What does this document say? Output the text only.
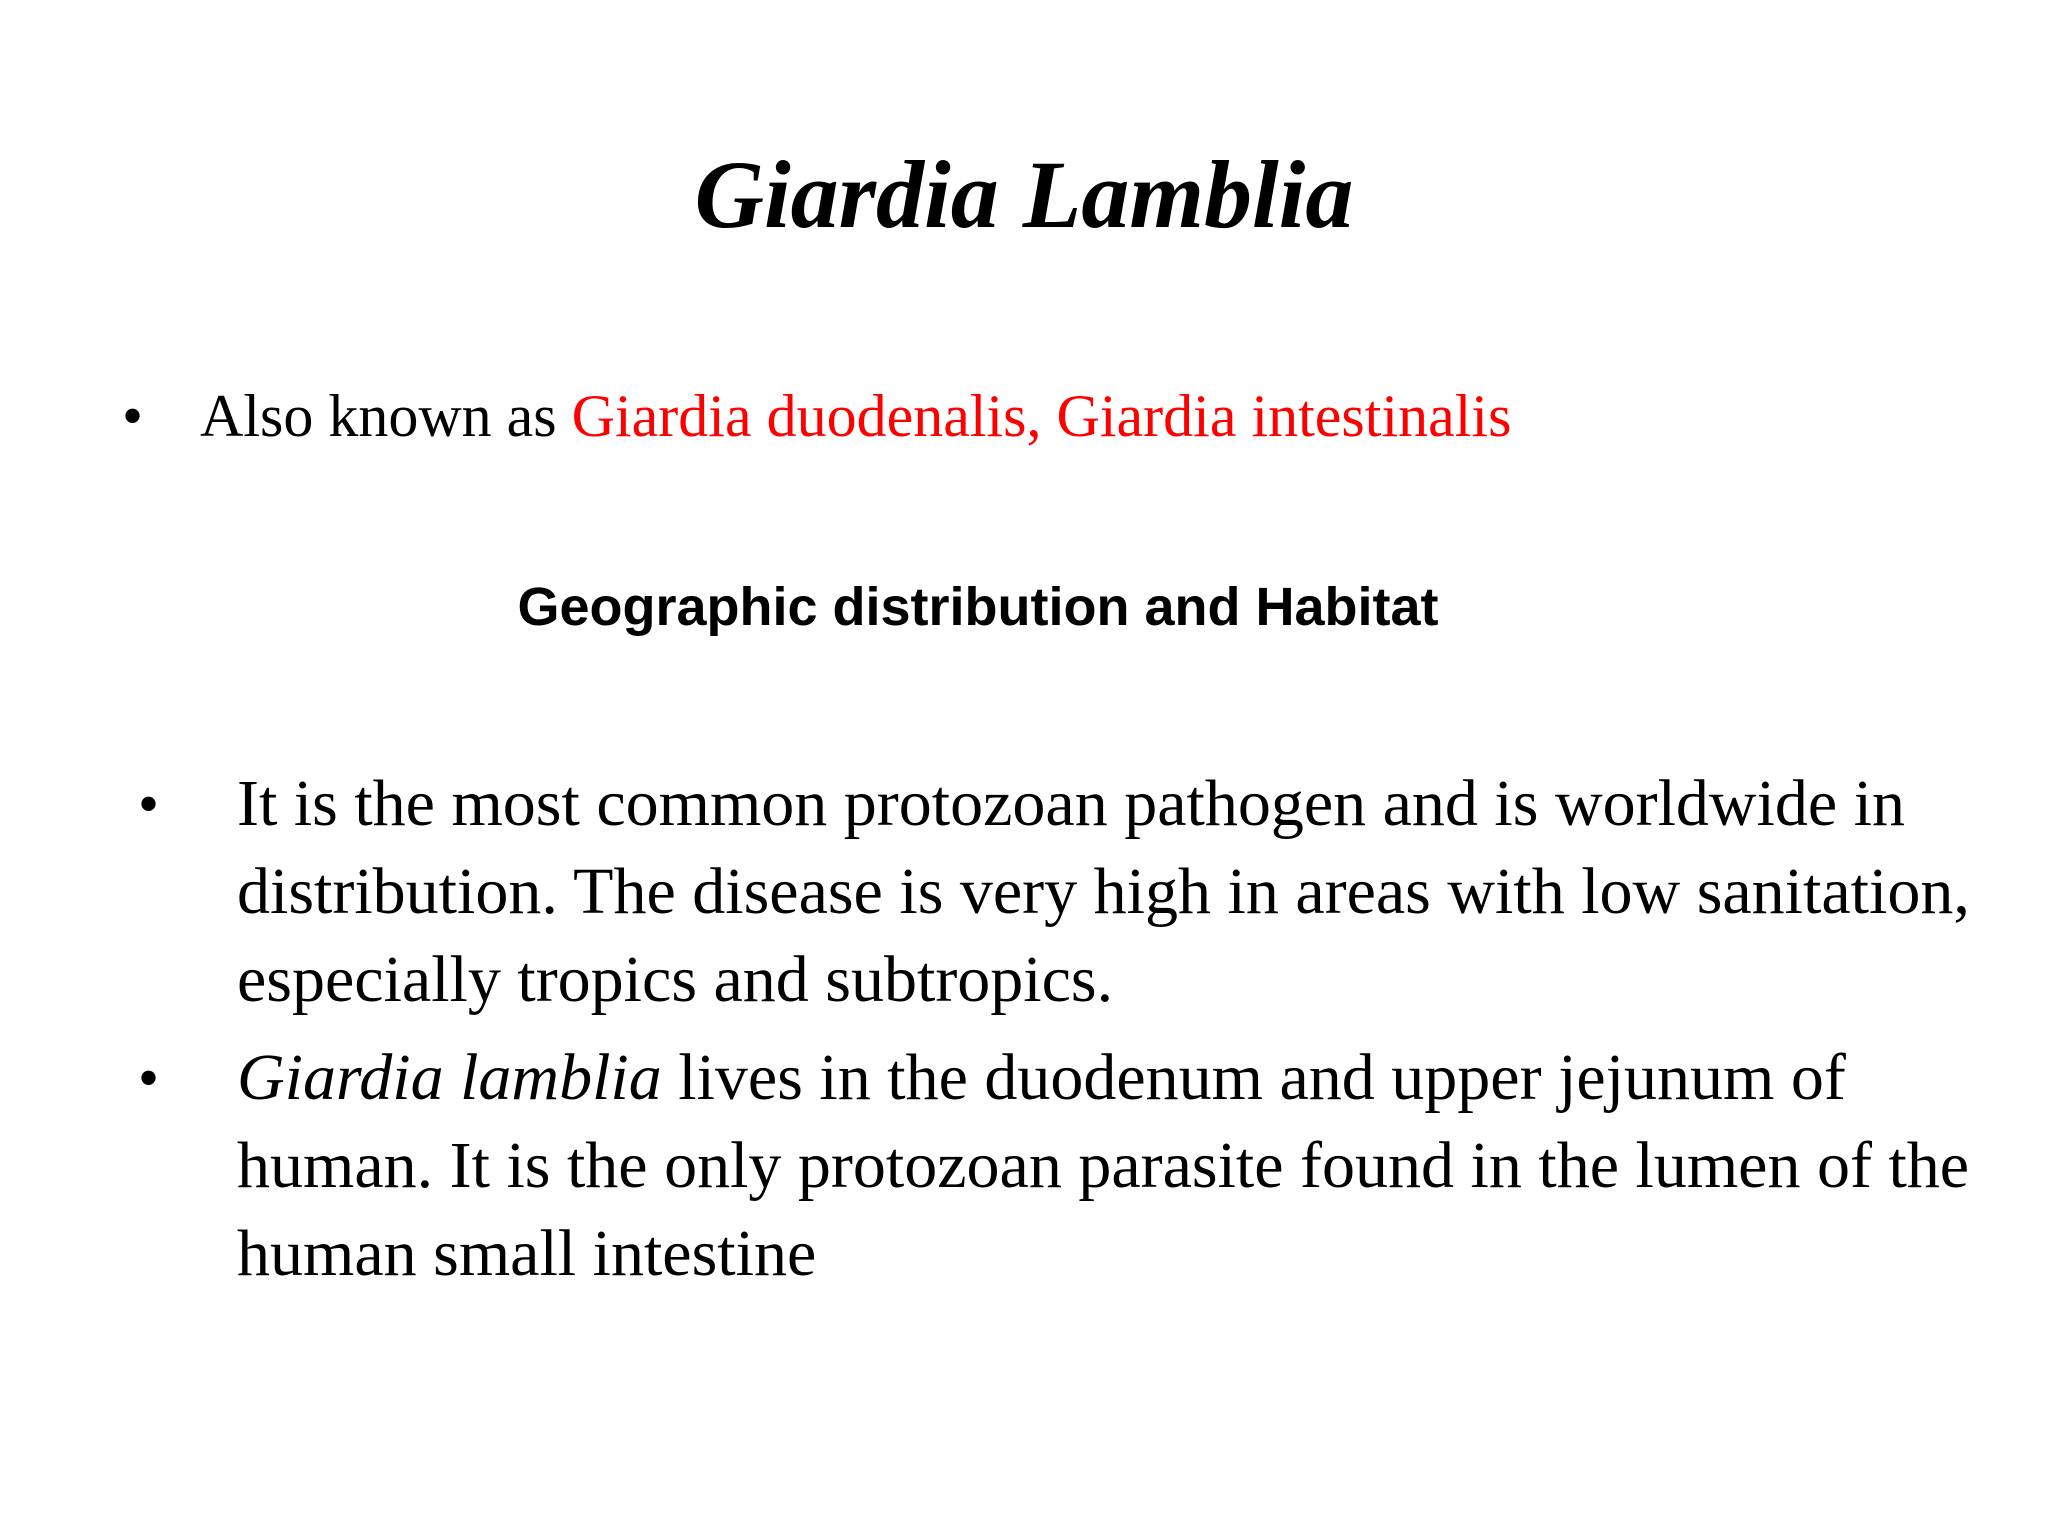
Giardia Lamblia

• Also known as Giardia duodenalis, Giardia intestinalis

Geographic distribution and Habitat
• It is the most common protozoan pathogen and is worldwide in distribution. The disease is very high in areas with low sanitation, especially tropics and subtropics.
• Giardia lamblia lives in the duodenum and upper jejunum of human. It is the only protozoan parasite found in the lumen of the human small intestine
